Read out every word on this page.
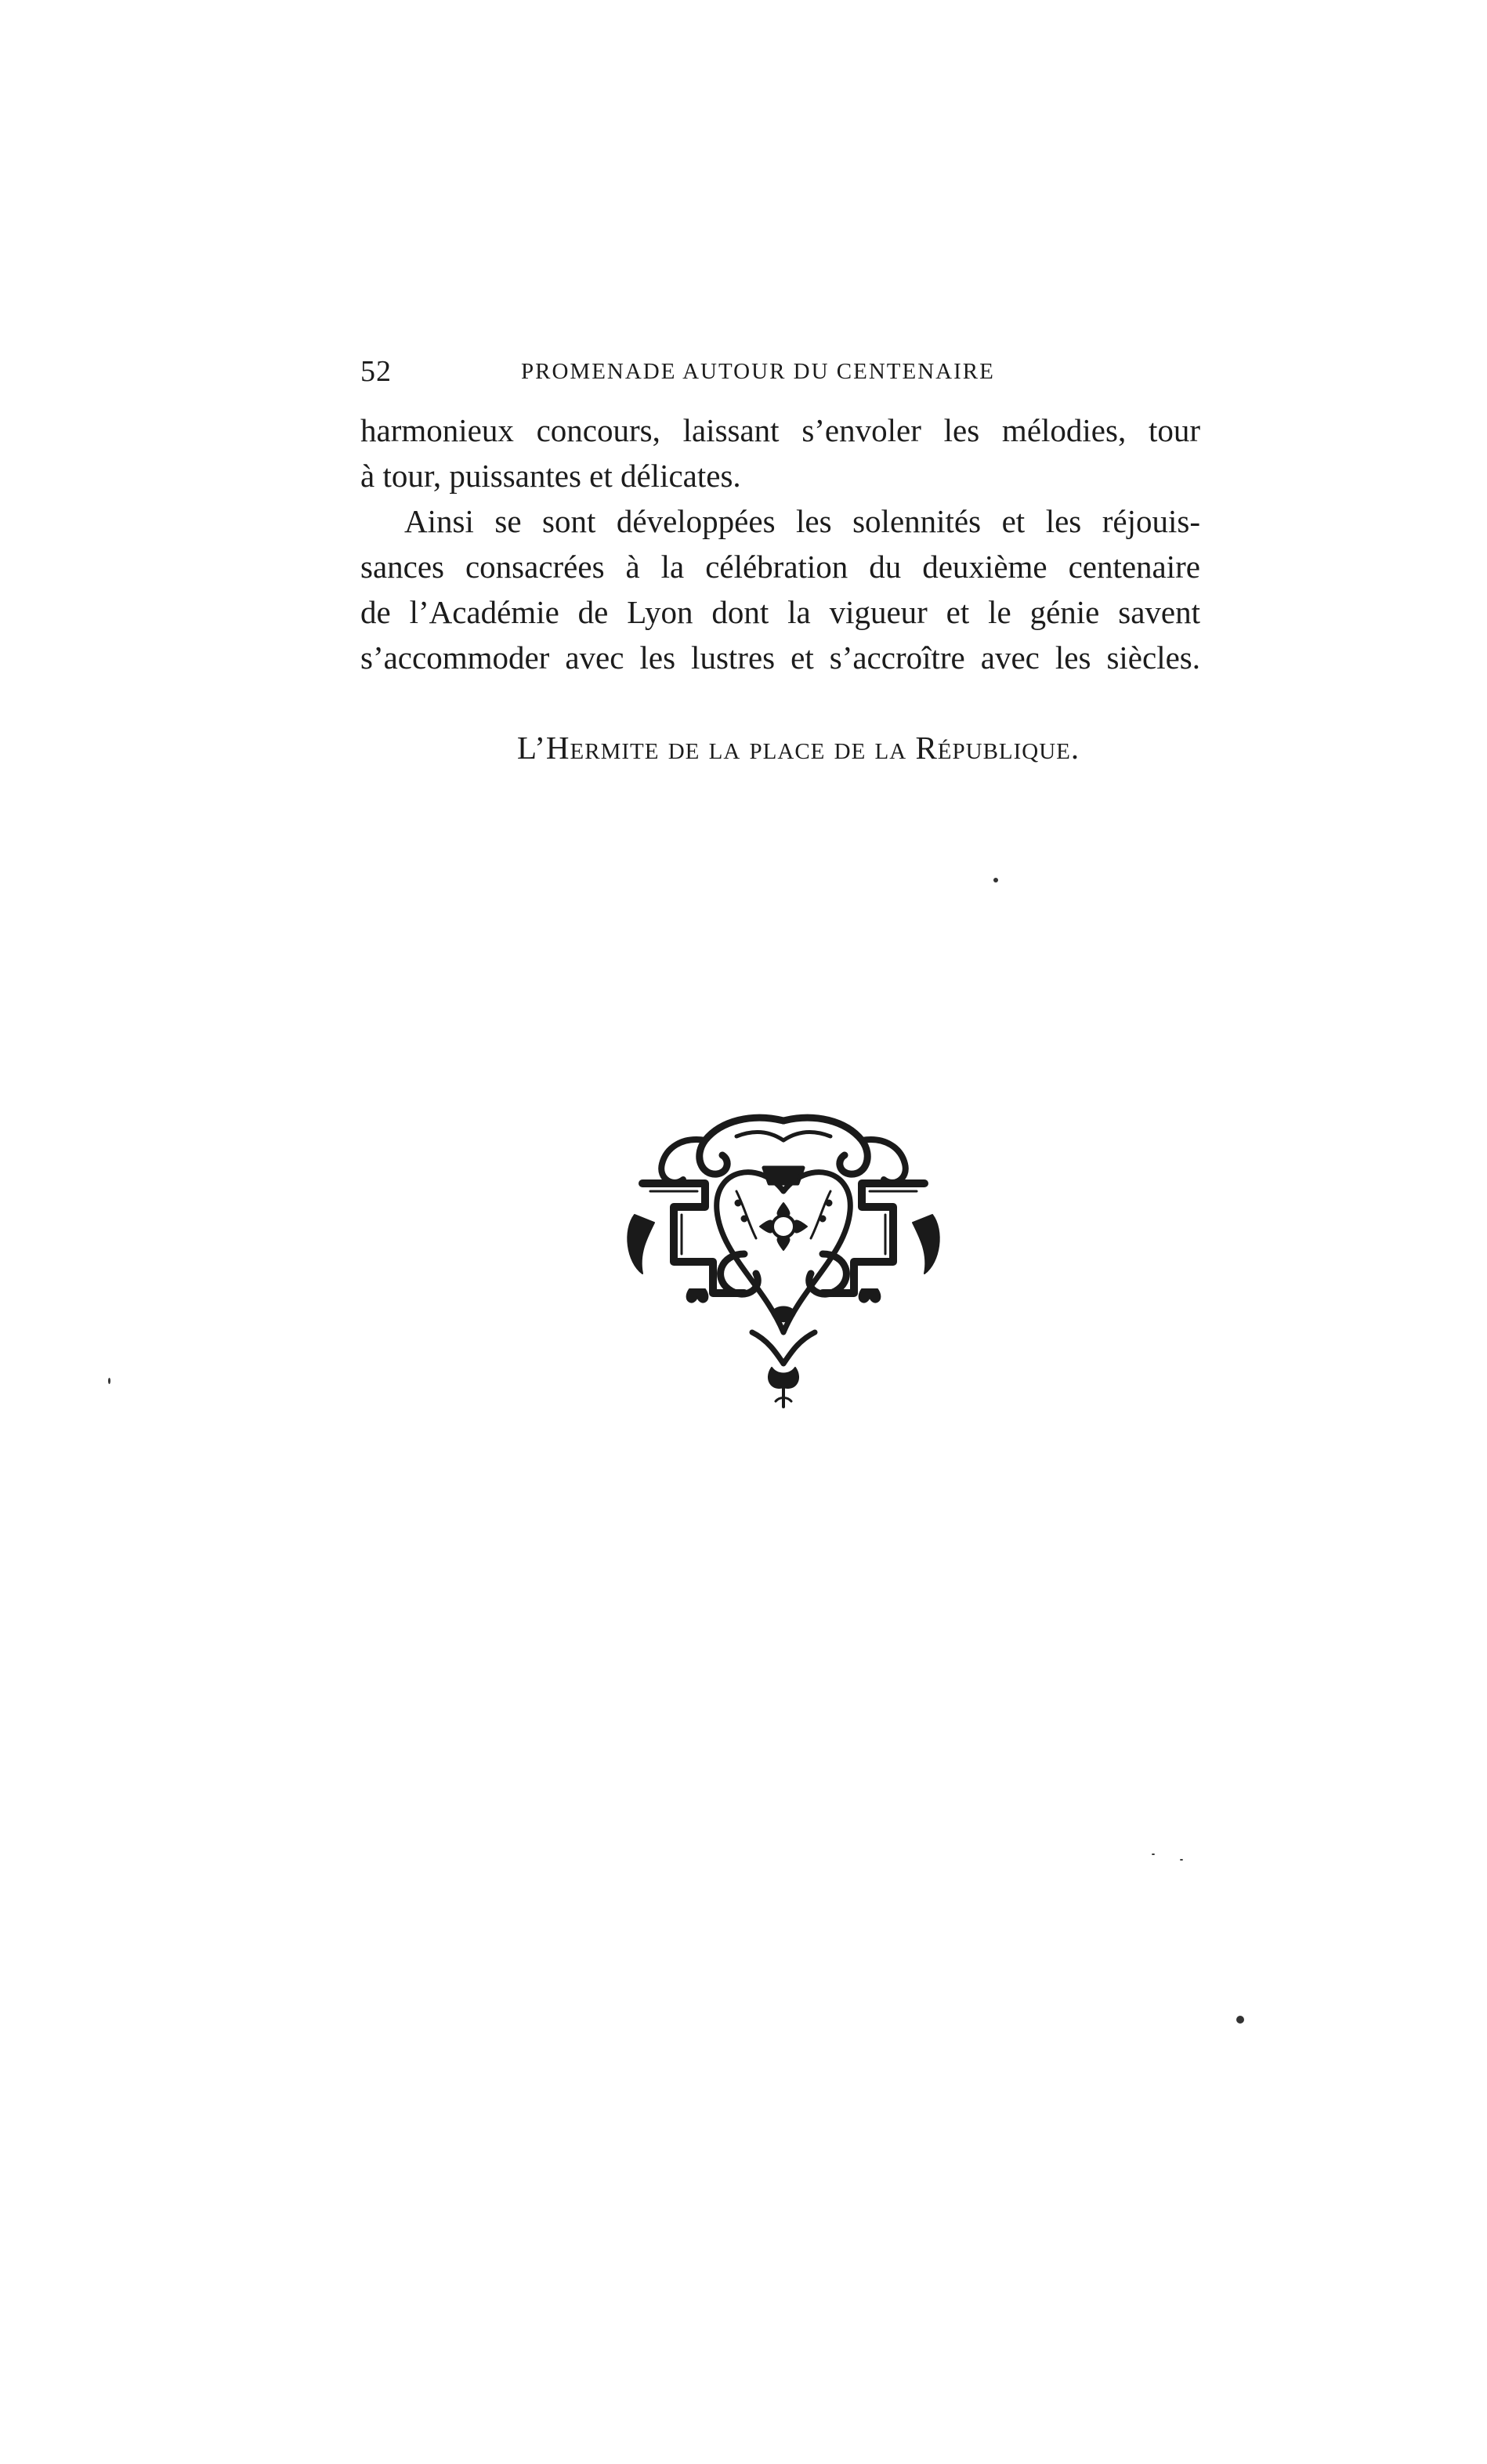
52	PROMENADE AUTOUR DU CENTENAIRE
harmonieux concours, laissant s’envoler les mélodies, tour
à tour, puissantes et délicates.
Ainsi se sont développées les solennités et les réjouis-
sances consacrées à la célébration du deuxième centenaire
de l’Académie de Lyon dont la vigueur et le génie savent
s’accommoder avec les lustres et s’accroître avec les siècles.
L’Hermite de la place de la République.
